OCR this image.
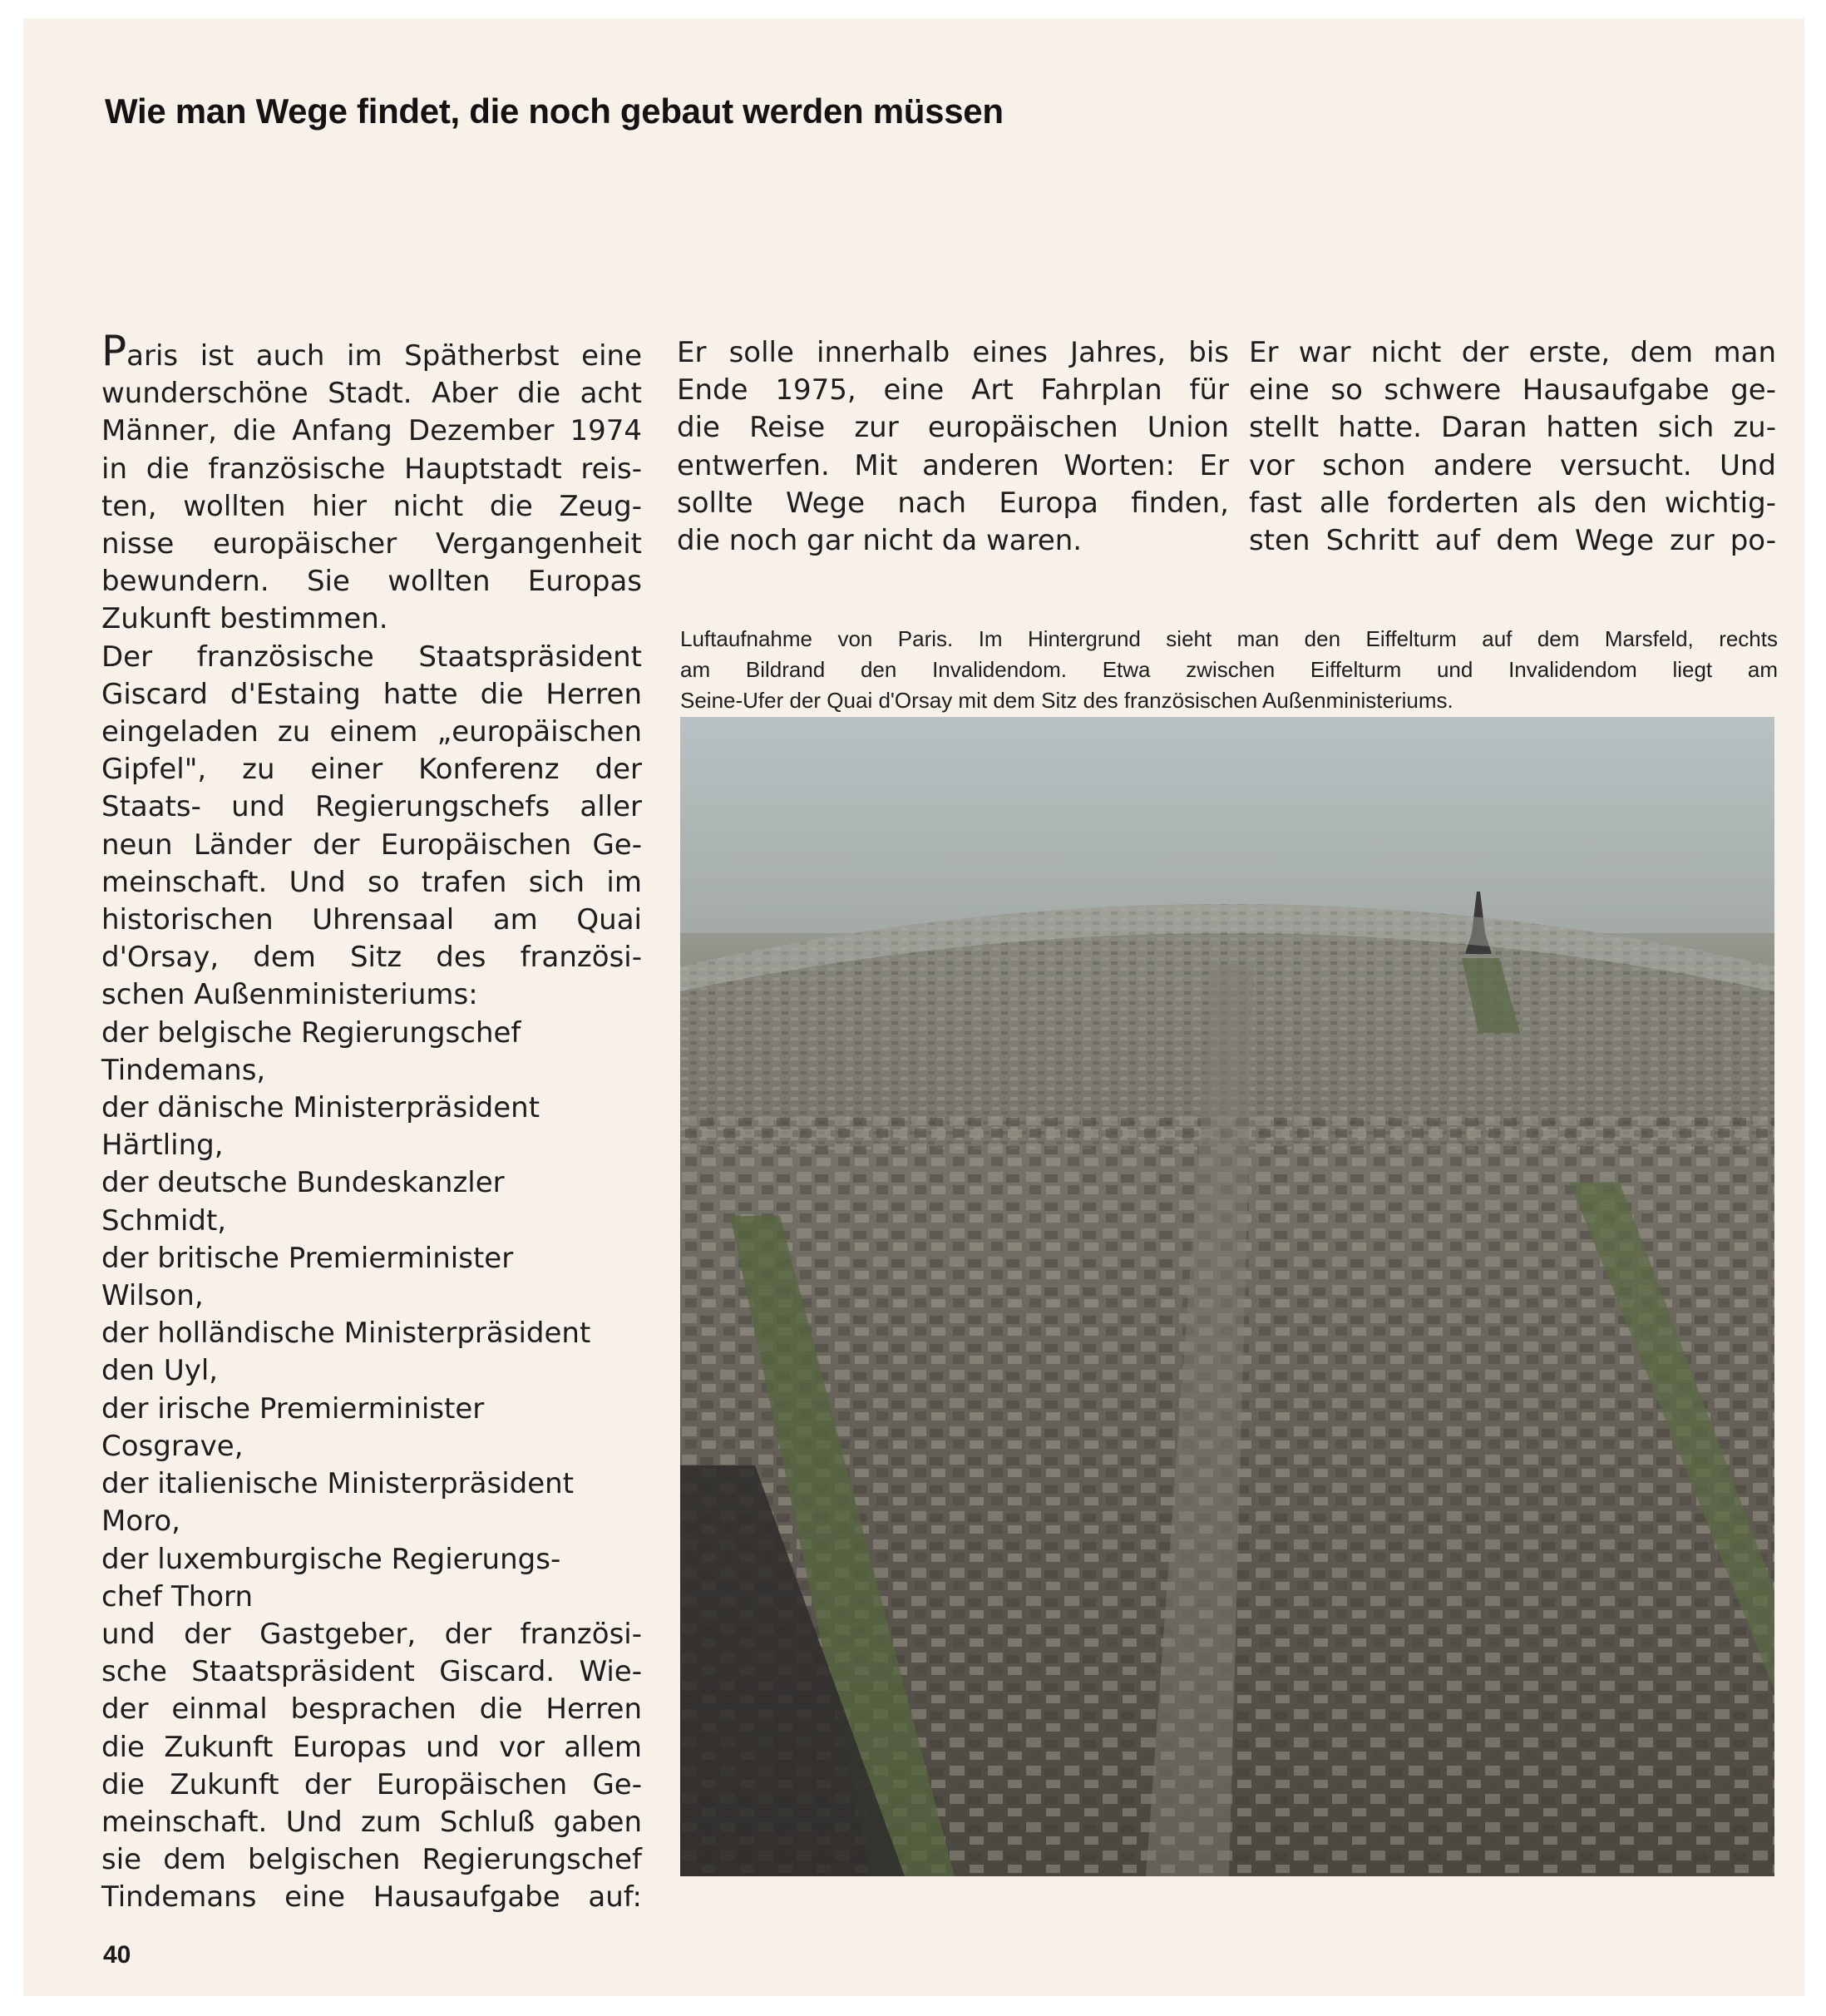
Wie man Wege findet, die noch gebaut werden müssen
Paris ist auch im Spätherbst eine
wunderschöne Stadt. Aber die acht
Männer, die Anfang Dezember 1974
in die französische Hauptstadt reis-
ten, wollten hier nicht die Zeug-
nisse europäischer Vergangenheit
bewundern. Sie wollten Europas
Zukunft bestimmen.
Der französische Staatspräsident
Giscard d'Estaing hatte die Herren
eingeladen zu einem „europäischen
Gipfel", zu einer Konferenz der
Staats- und Regierungschefs aller
neun Länder der Europäischen Ge-
meinschaft. Und so trafen sich im
historischen Uhrensaal am Quai
d'Orsay, dem Sitz des französi-
schen Außenministeriums:
der belgische Regierungschef
Tindemans,
der dänische Ministerpräsident
Härtling,
der deutsche Bundeskanzler
Schmidt,
der britische Premierminister
Wilson,
der holländische Ministerpräsident
den Uyl,
der irische Premierminister
Cosgrave,
der italienische Ministerpräsident
Moro,
der luxemburgische Regierungs-
chef Thorn
und der Gastgeber, der französi-
sche Staatspräsident Giscard. Wie-
der einmal besprachen die Herren
die Zukunft Europas und vor allem
die Zukunft der Europäischen Ge-
meinschaft. Und zum Schluß gaben
sie dem belgischen Regierungschef
Tindemans eine Hausaufgabe auf:
Er solle innerhalb eines Jahres, bis
Ende 1975, eine Art Fahrplan für
die Reise zur europäischen Union
entwerfen. Mit anderen Worten: Er
sollte Wege nach Europa finden,
die noch gar nicht da waren.
Er war nicht der erste, dem man
eine so schwere Hausaufgabe ge-
stellt hatte. Daran hatten sich zu-
vor schon andere versucht. Und
fast alle forderten als den wichtig-
sten Schritt auf dem Wege zur po-
Luftaufnahme von Paris. Im Hintergrund sieht man den Eiffelturm auf dem Marsfeld, rechts
am Bildrand den Invalidendom. Etwa zwischen Eiffelturm und Invalidendom liegt am
Seine-Ufer der Quai d'Orsay mit dem Sitz des französischen Außenministeriums.
40
